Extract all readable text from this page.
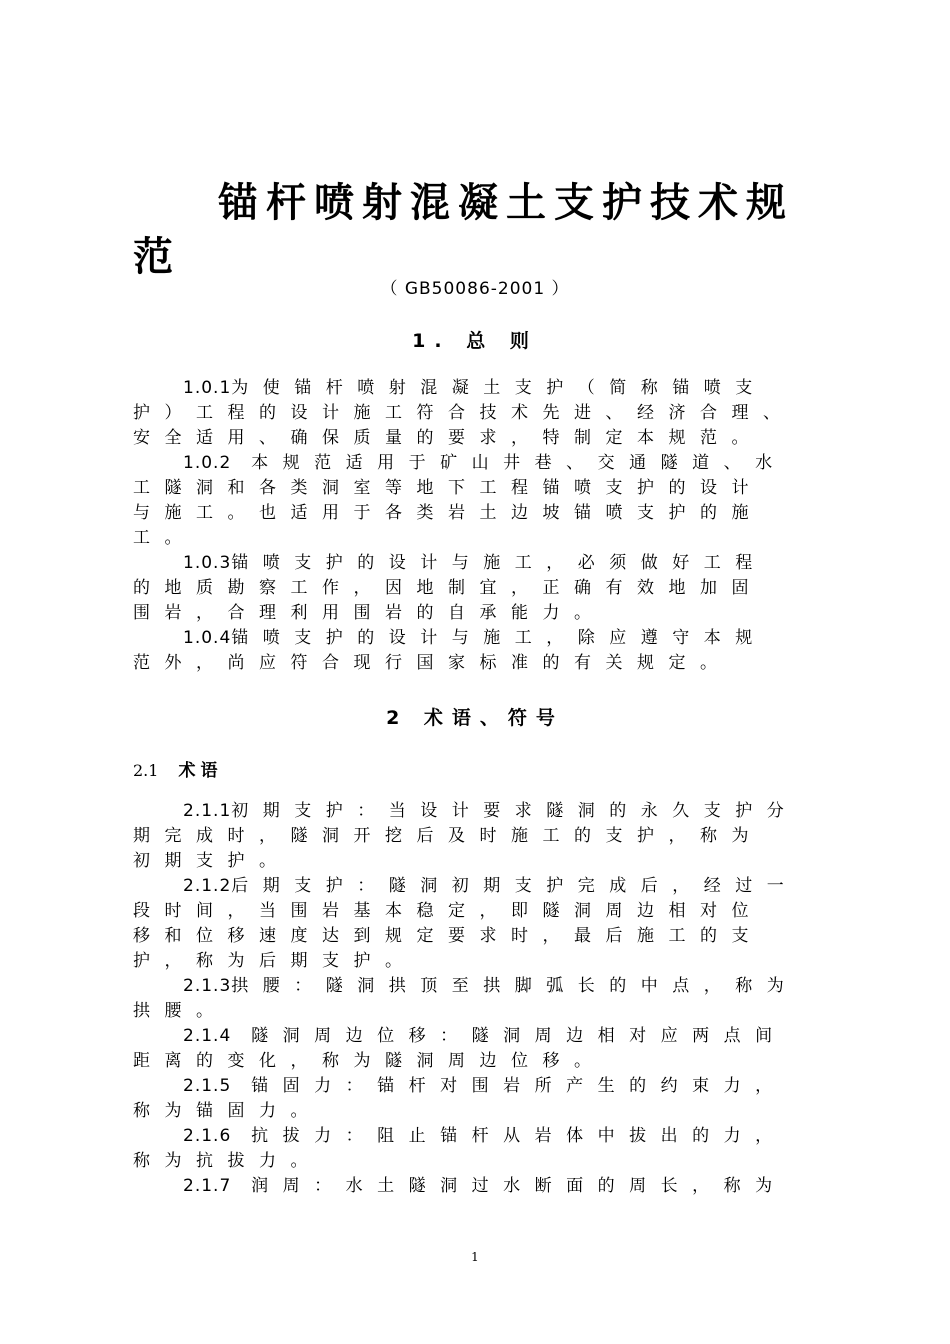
锚杆喷射混凝土支护技术规范

（ GB50086-2001 ）

1. 总 则
1.0.1为使锚杆喷射混凝土支护（简称锚喷支
护）工程的设计施工符合技术先进、经济合理、
安全适用、确保质量的要求，特制定本规范。
1.0.2 本规范适用于矿山井巷、交通隧道、水
工隧洞和各类洞室等地下工程锚喷支护的设计
与施工。也适用于各类岩土边坡锚喷支护的施
工。
1.0.3锚喷支护的设计与施工，必须做好工程
的地质勘察工作，因地制宜，正确有效地加固
围岩，合理利用围岩的自承能力。
1.0.4锚喷支护的设计与施工，除应遵守本规
范外，尚应符合现行国家标准的有关规定。
2 术语、符号
2.1 术语
2.1.1初期支护：当设计要求隧洞的永久支护分
期完成时，隧洞开挖后及时施工的支护，称为
初期支护。
2.1.2后期支护：隧洞初期支护完成后，经过一
段时间，当围岩基本稳定，即隧洞周边相对位
移和位移速度达到规定要求时，最后施工的支
护，称为后期支护。
2.1.3拱腰：隧洞拱顶至拱脚弧长的中点，称为
拱腰。
2.1.4 隧洞周边位移：隧洞周边相对应两点间
距离的变化，称为隧洞周边位移。
2.1.5 锚固力：锚杆对围岩所产生的约束力，
称为锚固力。
2.1.6 抗拔力：阻止锚杆从岩体中拔出的力，
称为抗拔力。
2.1.7 润周：水土隧洞过水断面的周长，称为

1
